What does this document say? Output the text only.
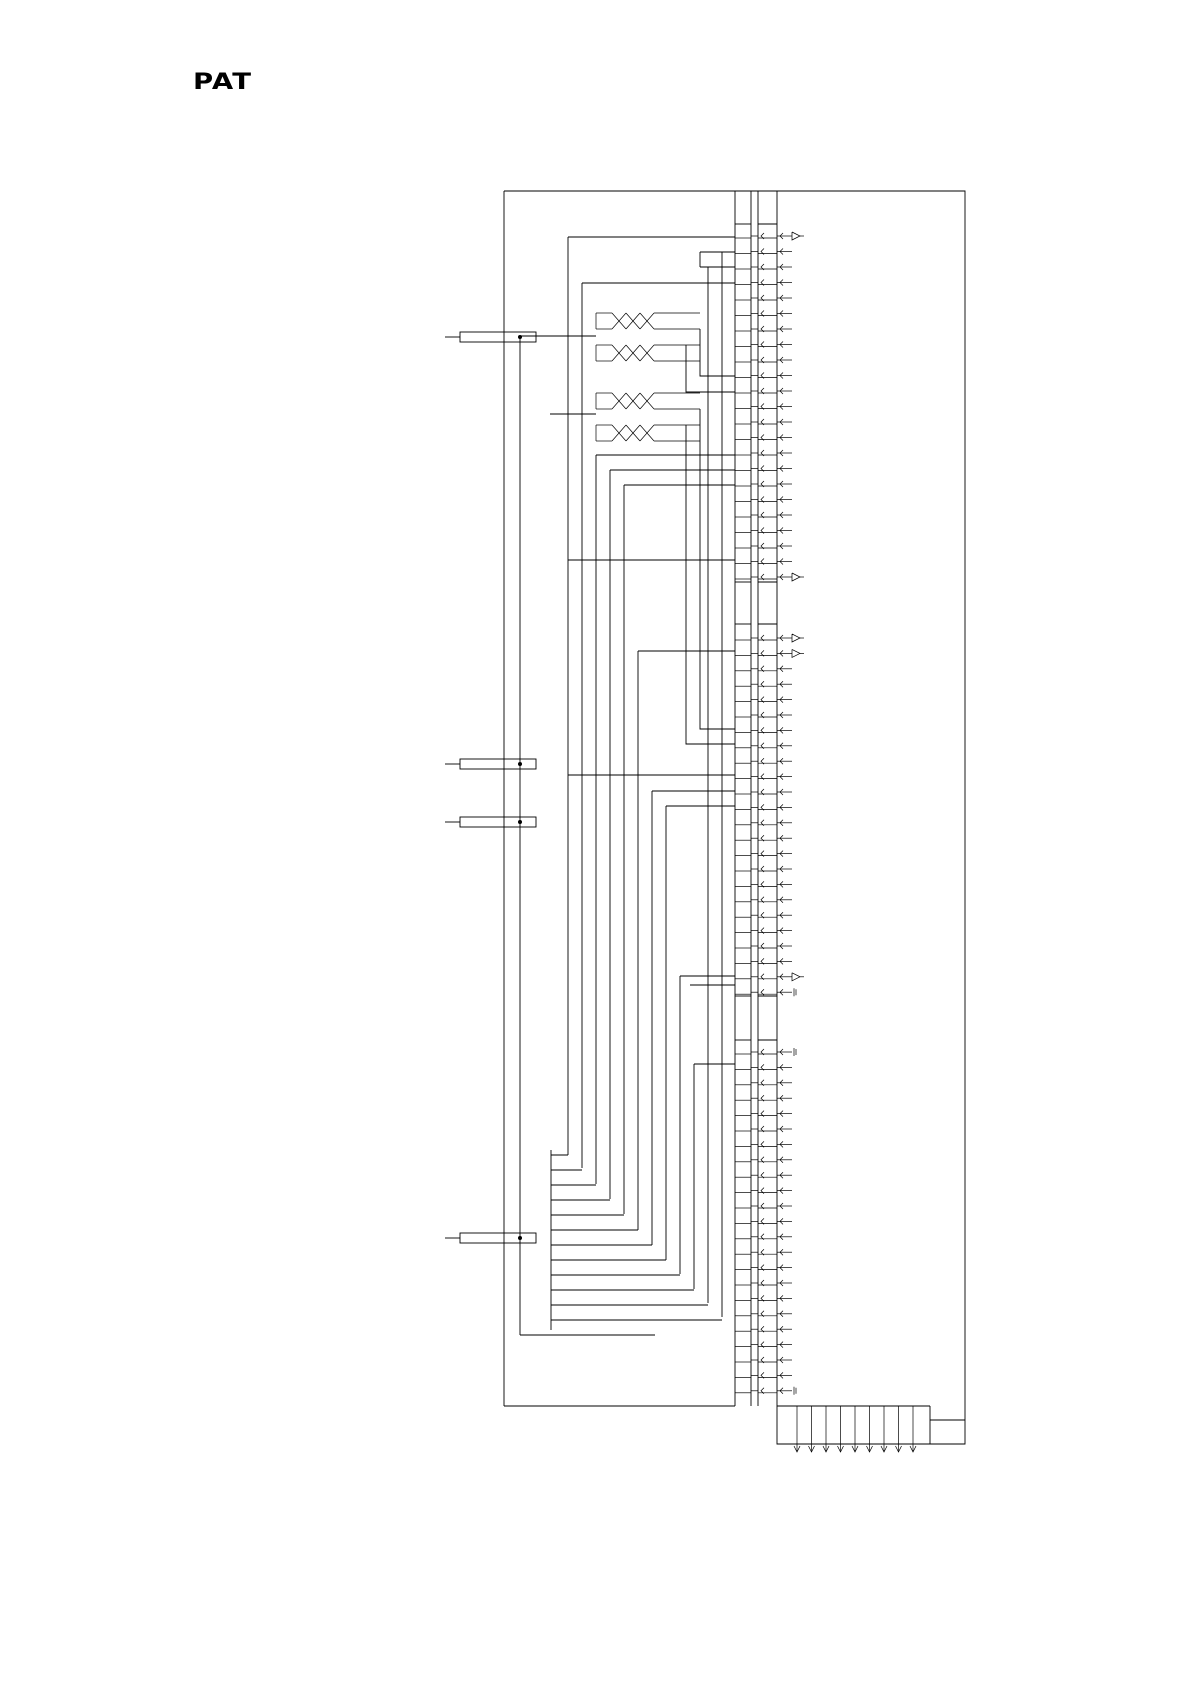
PAT
